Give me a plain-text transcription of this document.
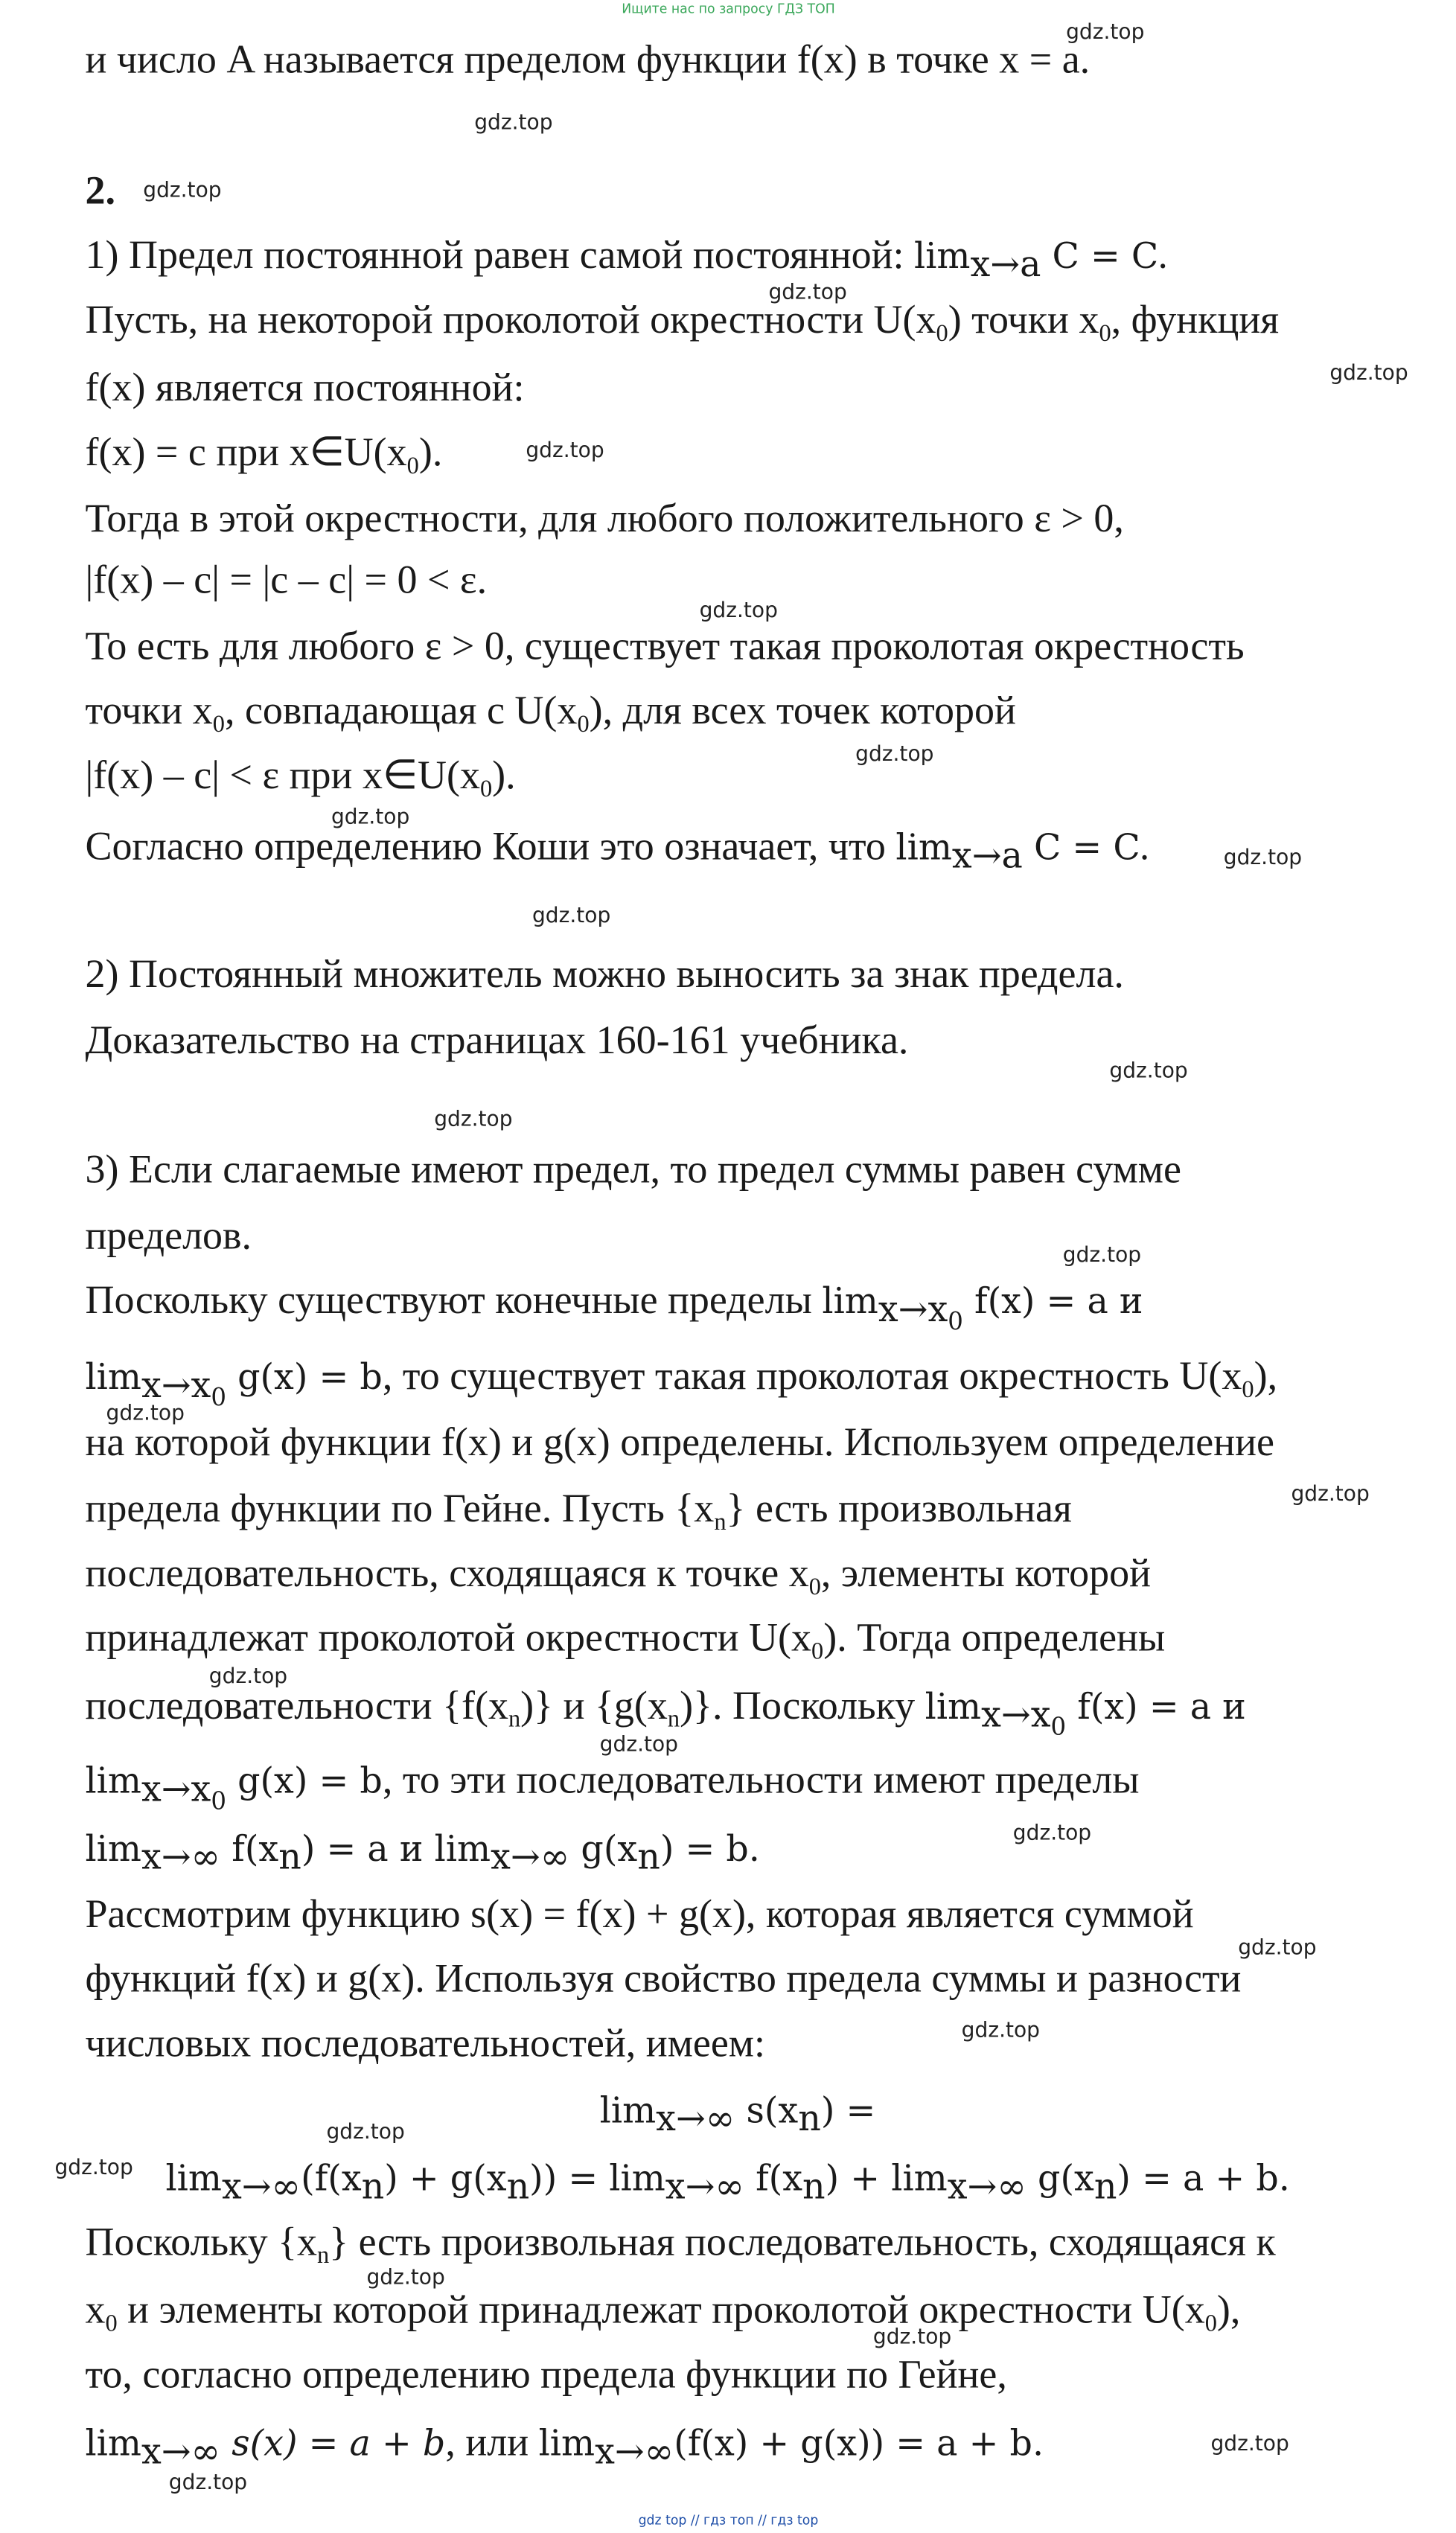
Ищите нас по запросу ГДЗ ТОП
и число A называется пределом функции f(x) в точке x = a.
2.
1) Предел постоянной равен самой постоянной: $\lim_{x\to a} C = C$.
Пусть, на некоторой проколотой окрестности $U(x_0)$ точки $x_0$, функция
f(x) является постоянной:
f(x) = c при $x\in U(x_0)$.
Тогда в этой окрестности, для любого положительного ε > 0,
|f(x) – c| = |c – c| = 0 < ε.
То есть для любого ε > 0, существует такая проколотая окрестность
точки $x_0$, совпадающая с $U(x_0)$, для всех точек которой
|f(x) – c| < ε при $x\in U(x_0)$.
Согласно определению Коши это означает, что $\lim_{x\to a} C = C$.
2) Постоянный множитель можно выносить за знак предела.
Доказательство на страницах 160-161 учебника.
3) Если слагаемые имеют предел, то предел суммы равен сумме
пределов.
Поскольку существуют конечные пределы $\lim_{x\to x_0} f(x) = a$ и
$\lim_{x\to x_0} g(x) = b$, то существует такая проколотая окрестность $U(x_0)$,
на которой функции f(x) и g(x) определены. Используем определение
предела функции по Гейне. Пусть $\{x_n\}$ есть произвольная
последовательность, сходящаяся к точке $x_0$, элементы которой
принадлежат проколотой окрестности $U(x_0)$. Тогда определены
последовательности $\{f(x_n)\}$ и $\{g(x_n)\}$. Поскольку $\lim_{x\to x_0} f(x) = a$ и
$\lim_{x\to x_0} g(x) = b$, то эти последовательности имеют пределы
$\lim_{x\to\infty} f(x_n) = a$ и $\lim_{x\to\infty} g(x_n) = b$.
Рассмотрим функцию s(x) = f(x) + g(x), которая является суммой
функций f(x) и g(x). Используя свойство предела суммы и разности
числовых последовательностей, имеем:
$\lim_{x\to\infty} s(x_n)$ =
$\lim_{x\to\infty}(f(x_n) + g(x_n)) = \lim_{x\to\infty} f(x_n) + \lim_{x\to\infty} g(x_n) = a + b$.
Поскольку $\{x_n\}$ есть произвольная последовательность, сходящаяся к
$x_0$ и элементы которой принадлежат проколотой окрестности $U(x_0)$,
то, согласно определению предела функции по Гейне,
$\lim_{x\to\infty} s(x) = a + b$, или $\lim_{x\to\infty}(f(x) + g(x)) = a + b$.
gdz.top
gdz.top
gdz.top
gdz.top
gdz.top
gdz.top
gdz.top
gdz.top
gdz.top
gdz.top
gdz.top
gdz.top
gdz.top
gdz.top
gdz.top
gdz.top
gdz.top
gdz.top
gdz.top
gdz.top
gdz.top
gdz.top
gdz.top
gdz.top
gdz.top
gdz.top
gdz.top
gdz top // гдз топ // гдз top
